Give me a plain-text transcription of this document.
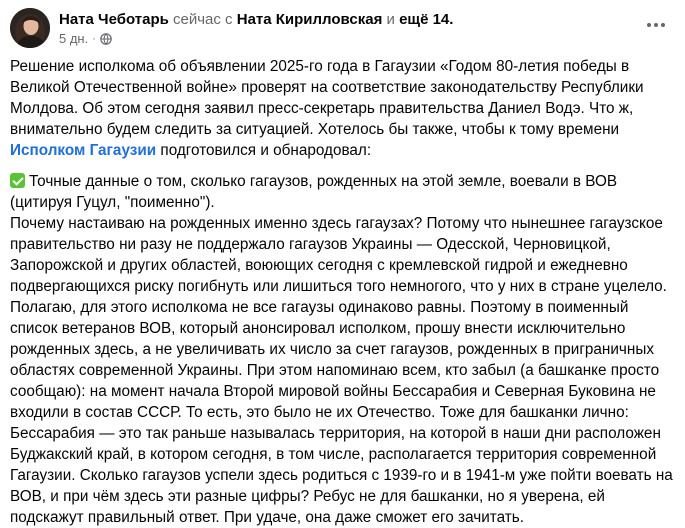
Ната Чеботарь сейчас с Ната Кирилловская и ещё 14.
5 дн. ·

Решение исполкома об объявлении 2025-го года в Гагаузии «Годом 80-летия победы в Великой Отечественной войне» проверят на соответствие законодательству Республики Молдова. Об этом сегодня заявил пресс-секретарь правительства Даниел Водэ. Что ж, внимательно будем следить за ситуацией. Хотелось бы также, чтобы к тому времени Исполком Гагаузии подготовился и обнародовал:

Точные данные о том, сколько гагаузов, рожденных на этой земле, воевали в ВОВ (цитируя Гуцул, "поименно").
Почему настаиваю на рожденных именно здесь гагаузах? Потому что нынешнее гагаузское правительство ни разу не поддержало гагаузов Украины — Одесской, Черновицкой, Запорожской и других областей, воюющих сегодня с кремлевской гидрой и ежедневно подвергающихся риску погибнуть или лишиться того немногого, что у них в стране уцелело.
Полагаю, для этого исполкома не все гагаузы одинаково равны. Поэтому в поименный список ветеранов ВОВ, который анонсировал исполком, прошу внести исключительно рожденных здесь, а не увеличивать их число за счет гагаузов, рожденных в приграничных областях современной Украины. При этом напоминаю всем, кто забыл (а башканке просто сообщаю): на момент начала Второй мировой войны Бессарабия и Северная Буковина не входили в состав СССР. То есть, это было не их Отечество. Тоже для башканки лично: Бессарабия — это так раньше называлась территория, на которой в наши дни расположен Буджакский край, в котором сегодня, в том числе, располагается территория современной Гагаузии. Сколько гагаузов успели здесь родиться с 1939-го и в 1941-м уже пойти воевать на ВОВ, и при чём здесь эти разные цифры? Ребус не для башканки, но я уверена, ей подскажут правильный ответ. При удаче, она даже сможет его зачитать.
